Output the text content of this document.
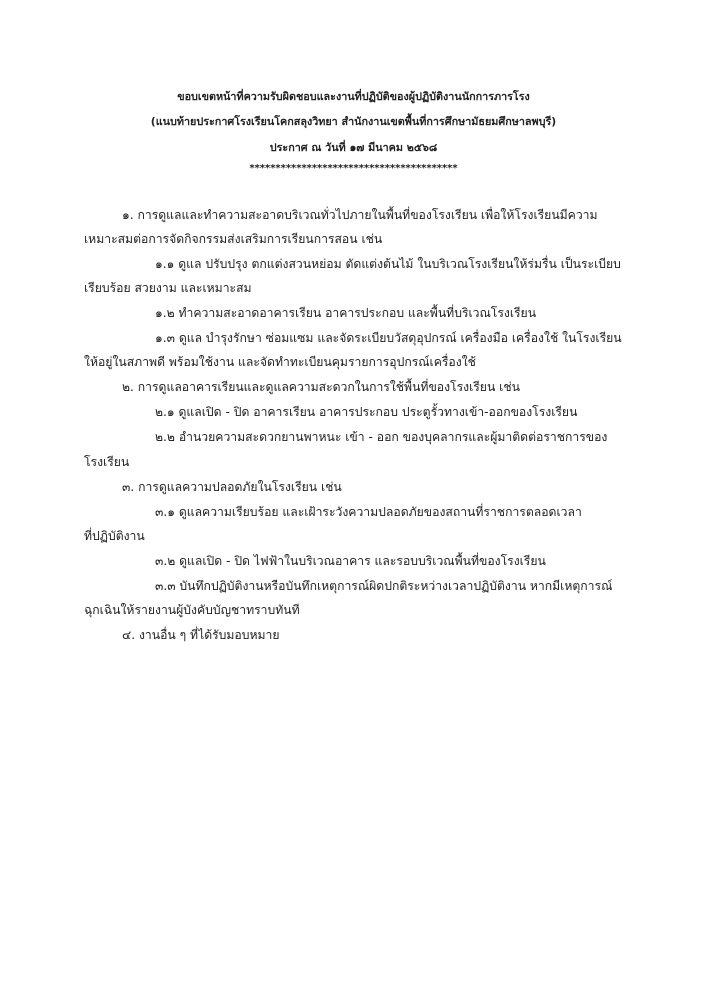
ขอบเขตหน้าที่ความรับผิดชอบและงานที่ปฏิบัติของผู้ปฏิบัติงานนักการภารโรง
(แนบท้ายประกาศโรงเรียนโคกสลุงวิทยา สำนักงานเขตพื้นที่การศึกษามัธยมศึกษาลพบุรี)
ประกาศ ณ วันที่ ๑๗ มีนาคม ๒๕๖๘
****************************************
๑. การดูแลและทำความสะอาดบริเวณทั่วไปภายในพื้นที่ของโรงเรียน เพื่อให้โรงเรียนมีความ
เหมาะสมต่อการจัดกิจกรรมส่งเสริมการเรียนการสอน เช่น
๑.๑ ดูแล ปรับปรุง ตกแต่งสวนหย่อม ตัดแต่งต้นไม้ ในบริเวณโรงเรียนให้ร่มรื่น เป็นระเบียบ
เรียบร้อย สวยงาม และเหมาะสม
๑.๒ ทำความสะอาดอาคารเรียน อาคารประกอบ และพื้นที่บริเวณโรงเรียน
๑.๓ ดูแล บำรุงรักษา ซ่อมแซม และจัดระเบียบวัสดุอุปกรณ์ เครื่องมือ เครื่องใช้ ในโรงเรียน
ให้อยู่ในสภาพดี พร้อมใช้งาน และจัดทำทะเบียนคุมรายการอุปกรณ์เครื่องใช้
๒. การดูแลอาคารเรียนและดูแลความสะดวกในการใช้พื้นที่ของโรงเรียน เช่น
๒.๑ ดูแลเปิด - ปิด อาคารเรียน อาคารประกอบ ประตูรั้วทางเข้า-ออกของโรงเรียน
๒.๒ อำนวยความสะดวกยานพาหนะ เข้า - ออก ของบุคลากรและผู้มาติดต่อราชการของ
โรงเรียน
๓. การดูแลความปลอดภัยในโรงเรียน เช่น
๓.๑ ดูแลความเรียบร้อย และเฝ้าระวังความปลอดภัยของสถานที่ราชการตลอดเวลา
ที่ปฏิบัติงาน
๓.๒ ดูแลเปิด - ปิด ไฟฟ้าในบริเวณอาคาร และรอบบริเวณพื้นที่ของโรงเรียน
๓.๓ บันทึกปฏิบัติงานหรือบันทึกเหตุการณ์ผิดปกติระหว่างเวลาปฏิบัติงาน หากมีเหตุการณ์
ฉุกเฉินให้รายงานผู้บังคับบัญชาทราบทันที
๔. งานอื่น ๆ ที่ได้รับมอบหมาย
